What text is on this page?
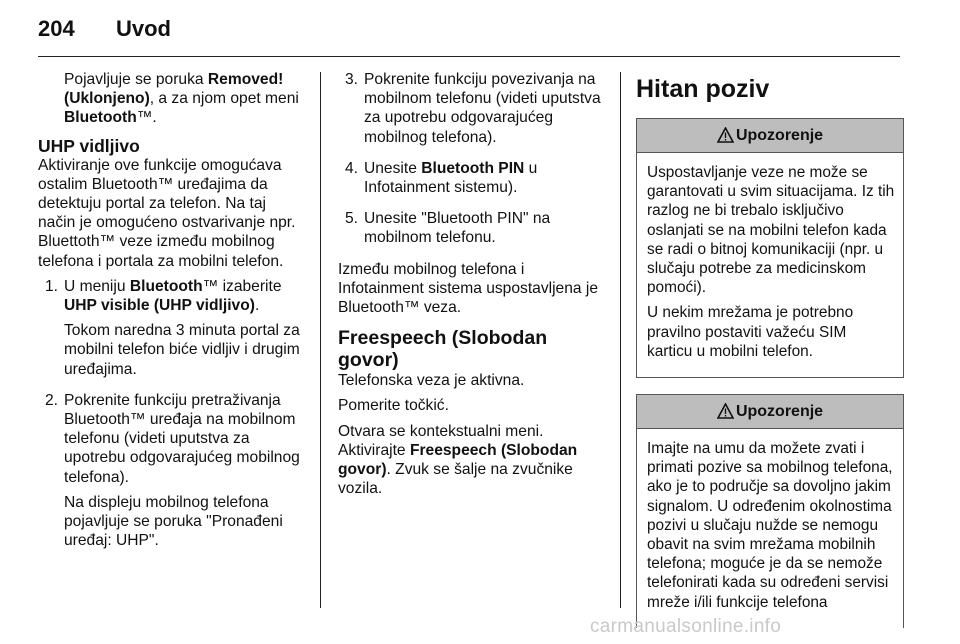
204 Uvod

Pojavljuje se poruka Removed! (Uklonjeno), a za njom opet meni Bluetooth™.

UHP vidljivo

Aktiviranje ove funkcije omogućava ostalim Bluetooth™ uređajima da detektuju portal za telefon. Na taj način je omogućeno ostvarivanje npr. Bluettoth™ veze između mobilnog telefona i portala za mobilni telefon.

1. U meniju Bluetooth™ izaberite UHP visible (UHP vidljivo).

Tokom naredna 3 minuta portal za mobilni telefon biće vidljiv i drugim uređajima.

2. Pokrenite funkciju pretraživanja Bluetooth™ uređaja na mobilnom telefonu (videti uputstva za upotrebu odgovarajućeg mobilnog telefona).

Na displeju mobilnog telefona pojavljuje se poruka "Pronađeni uređaj: UHP".

3. Pokrenite funkciju povezivanja na mobilnom telefonu (videti uputstva za upotrebu odgovarajućeg mobilnog telefona).

4. Unesite Bluetooth PIN u Infotainment sistemu).

5. Unesite "Bluetooth PIN" na mobilnom telefonu.

Između mobilnog telefona i Infotainment sistema uspostavljena je Bluetooth™ veza.

Freespeech (Slobodan govor)

Telefonska veza je aktivna.

Pomerite točkić.

Otvara se kontekstualni meni. Aktivirajte Freespeech (Slobodan govor). Zvuk se šalje na zvučnike vozila.

Hitan poziv
Upozorenje

Uspostavljanje veze ne može se garantovati u svim situacijama. Iz tih razlog ne bi trebalo isključivo oslanjati se na mobilni telefon kada se radi o bitnoj komunikaciji (npr. u slučaju potrebe za medicinskom pomoći).

U nekim mrežama je potrebno pravilno postaviti važeću SIM karticu u mobilni telefon.

Upozorenje

Imajte na umu da možete zvati i primati pozive sa mobilnog telefona, ako je to područje sa dovoljno jakim signalom. U određenim okolnostima pozivi u slučaju nužde se nemogu obavit na svim mrežama mobilnih telefona; moguće je da se nemože telefonirati kada su određeni servisi mreže i/ili funkcije telefona

carmanualsonline.info
